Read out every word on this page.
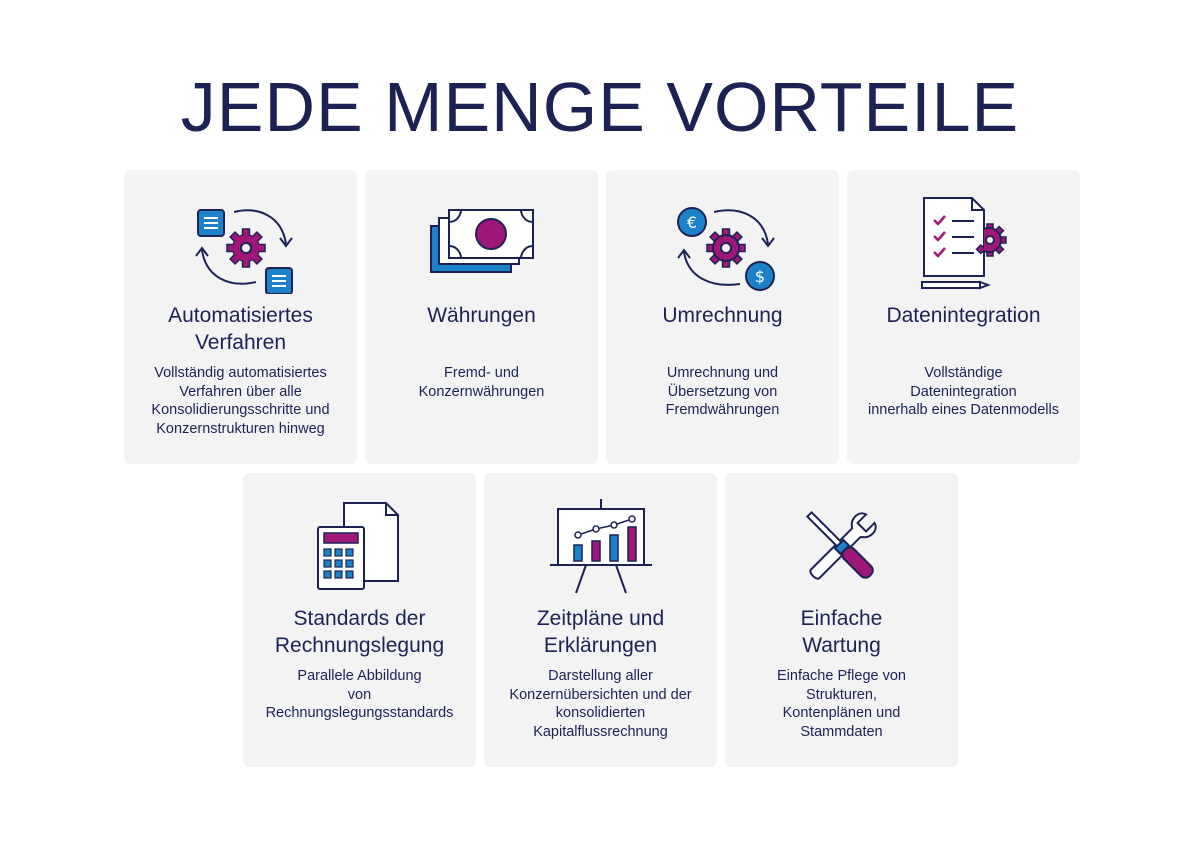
JEDE MENGE VORTEILE
Automatisiertes
Verfahren

Vollständig automatisiertes
Verfahren über alle
Konsolidierungsschritte und
Konzernstrukturen hinweg

Währungen

Fremd- und
Konzernwährungen

€
$
Umrechnung

Umrechnung und
Übersetzung von
Fremdwährungen

Datenintegration

Vollständige
Datenintegration
innerhalb eines Datenmodells

Standards der
Rechnungslegung

Parallele Abbildung
von
Rechnungslegungsstandards

Zeitpläne und
Erklärungen

Darstellung aller
Konzernübersichten und der
konsolidierten
Kapitalflussrechnung

Einfache
Wartung

Einfache Pflege von
Strukturen,
Kontenplänen und
Stammdaten
